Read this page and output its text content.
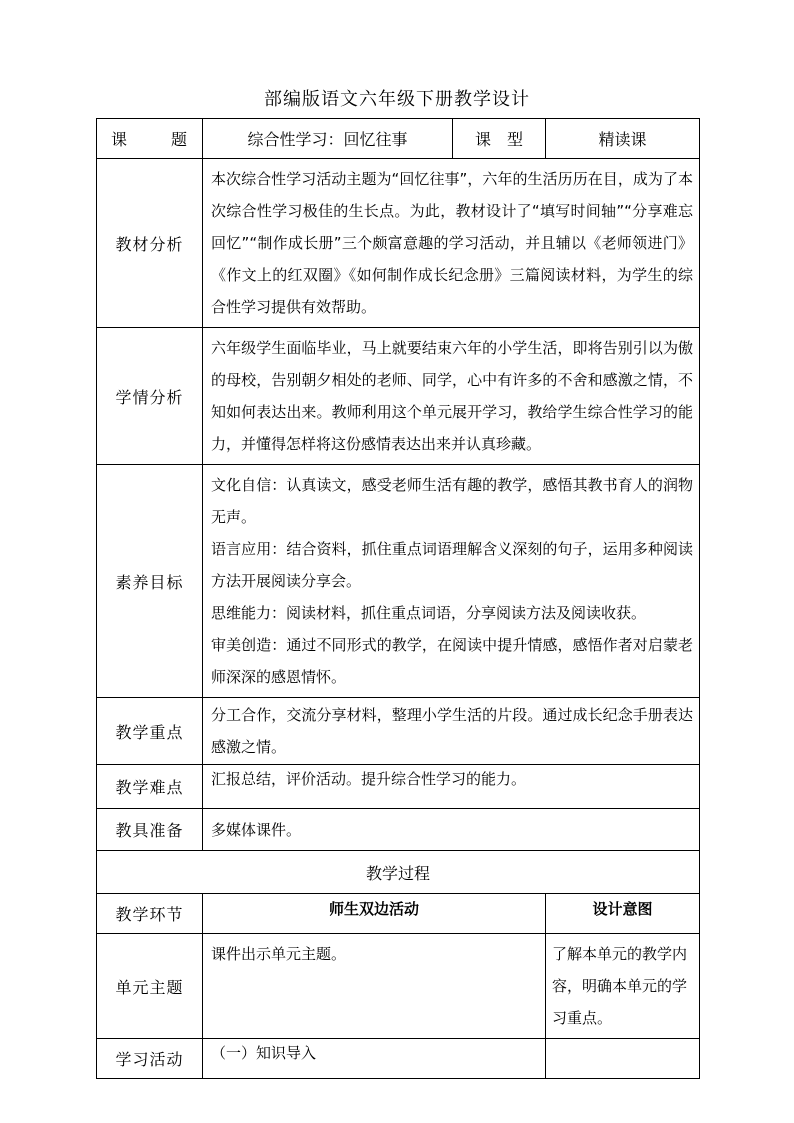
部编版语文六年级下册教学设计
课　　题	综合性学习：回忆往事	课　型	精读课
教材分析	本次综合性学习活动主题为“回忆往事”，六年的生活历历在目，成为了本次综合性学习极佳的生长点。为此，教材设计了“填写时间轴”“分享难忘回忆”“制作成长册”三个颇富意趣的学习活动，并且辅以《老师领进门》《作文上的红双圈》《如何制作成长纪念册》三篇阅读材料，为学生的综合性学习提供有效帮助。		
学情分析	六年级学生面临毕业，马上就要结束六年的小学生活，即将告别引以为傲的母校，告别朝夕相处的老师、同学，心中有许多的不舍和感激之情，不知如何表达出来。教师利用这个单元展开学习，教给学生综合性学习的能力，并懂得怎样将这份感情表达出来并认真珍藏。		
素养目标	文化自信：认真读文，感受老师生活有趣的教学，感悟其教书育人的润物无声。
语言应用：结合资料，抓住重点词语理解含义深刻的句子，运用多种阅读方法开展阅读分享会。
思维能力：阅读材料，抓住重点词语，分享阅读方法及阅读收获。
审美创造：通过不同形式的教学，在阅读中提升情感，感悟作者对启蒙老师深深的感恩情怀。		

教学重点	分工合作，交流分享材料，整理小学生活的片段。通过成长纪念手册表达感激之情。		
教学难点	汇报总结，评价活动。提升综合性学习的能力。		
教具准备	多媒体课件。		
教学过程			
教学环节	师生双边活动		设计意图
单元主题	课件出示单元主题。		了解本单元的教学内容，明确本单元的学习重点。
学习活动	（一）知识导入		
